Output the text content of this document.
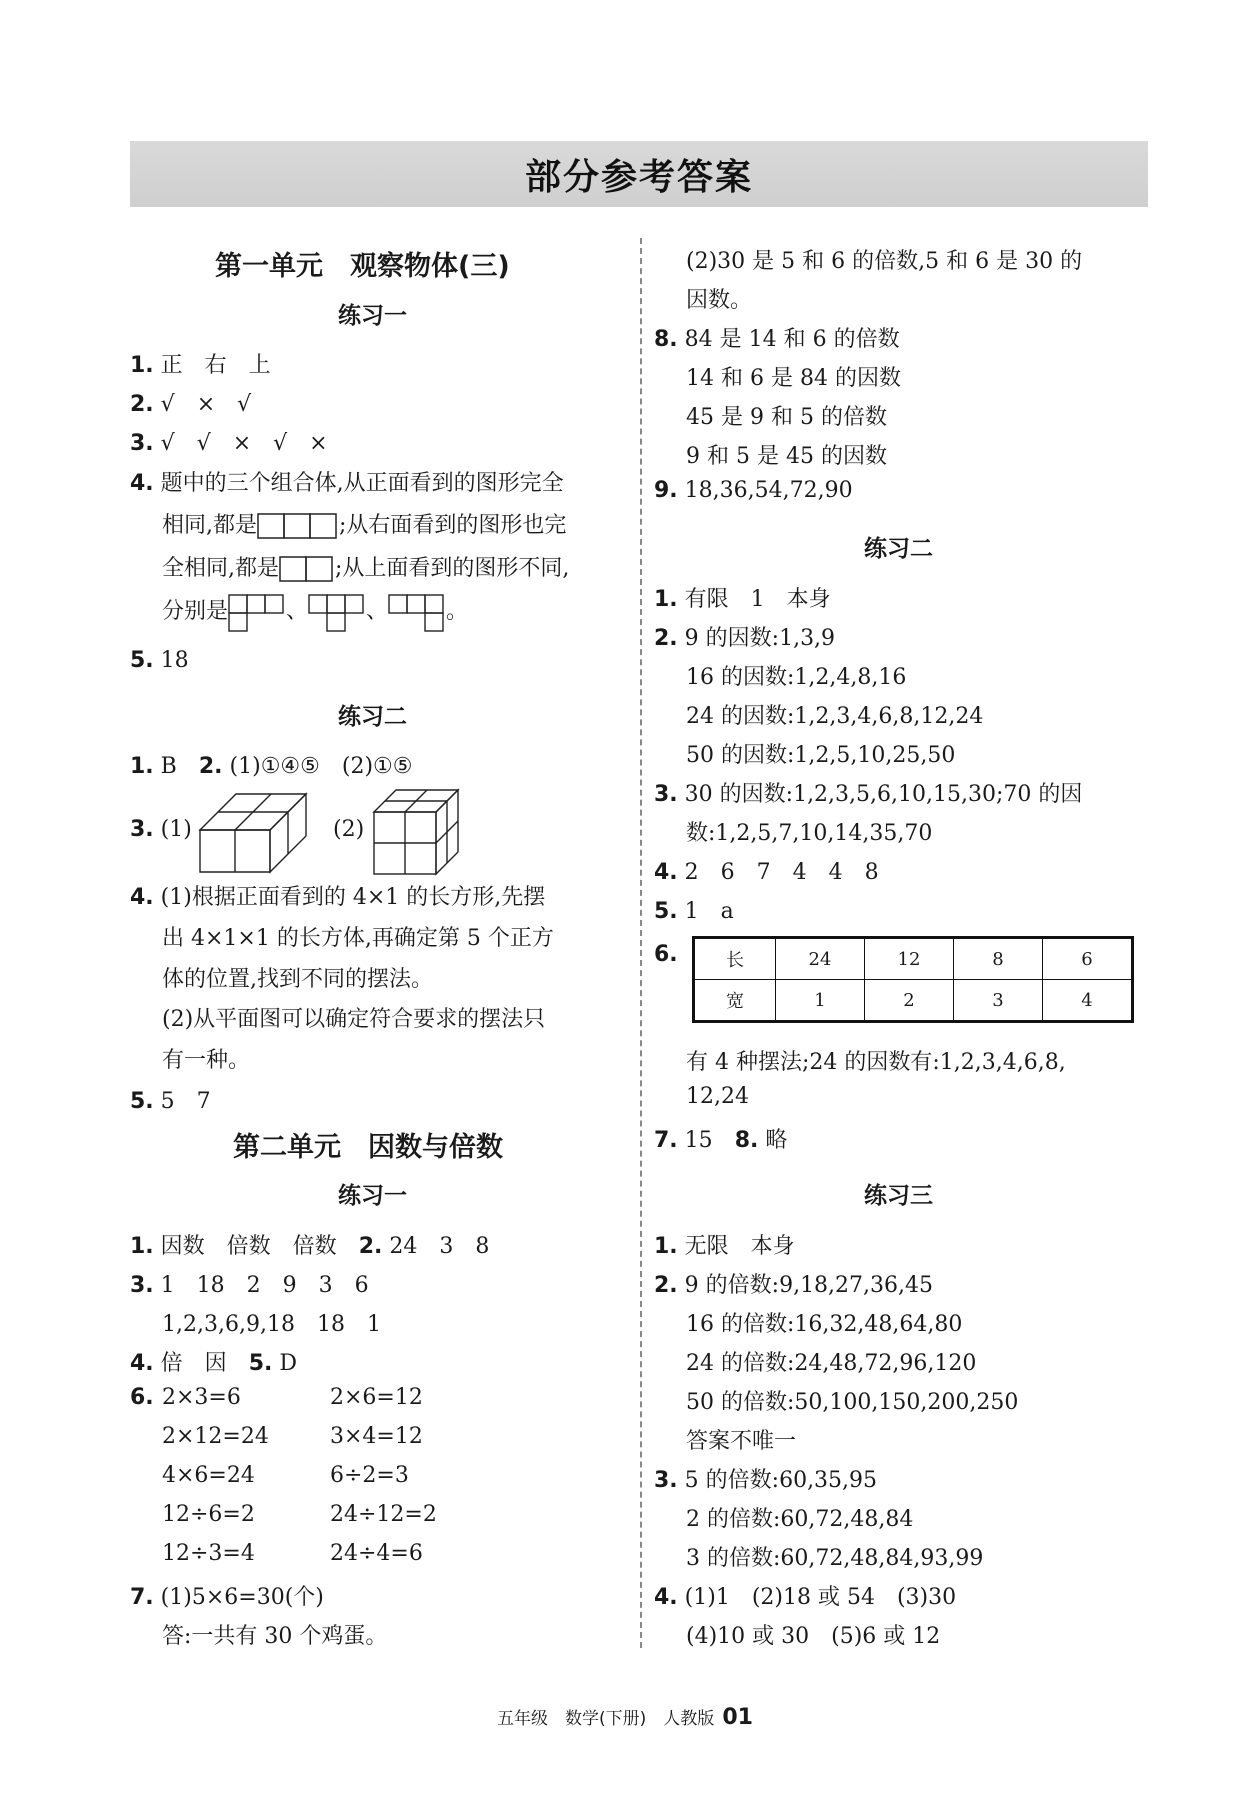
部分参考答案
第一单元　观察物体(三)
练习一
1. 正　右　上
2. √　×　√
3. √　√　×　√　×
4. 题中的三个组合体,从正面看到的图形完全
相同,都是	;从右面看到的图形也完
全相同,都是	;从上面看到的图形不同,
分别是	、	、	。
5. 18
练习二
1. B　 2. (1)①④⑤　(2)①⑤
3. (1)	(2)
4. (1)根据正面看到的 4×1 的长方形,先摆
出 4×1×1 的长方体,再确定第 5 个正方
体的位置,找到不同的摆法。
(2)从平面图可以确定符合要求的摆法只
有一种。
5. 5　7
第二单元　因数与倍数
练习一
1. 因数　倍数　倍数　 2. 24　3　8
3. 1　18　2　9　3　6
1,2,3,6,9,18　18　1
4. 倍　因　 5. D
6. 2×3=6	2×6=12
2×12=24	3×4=12
4×6=24	6÷2=3
12÷6=2	24÷12=2
12÷3=4	24÷4=6
7. (1)5×6=30(个)
答:一共有 30 个鸡蛋。
(2)30 是 5 和 6 的倍数,5 和 6 是 30 的
因数。
8. 84 是 14 和 6 的倍数
14 和 6 是 84 的因数
45 是 9 和 5 的倍数
9 和 5 是 45 的因数
9. 18,36,54,72,90
练习二
1. 有限　1　本身
2. 9 的因数:1,3,9
16 的因数:1,2,4,8,16
24 的因数:1,2,3,4,6,8,12,24
50 的因数:1,2,5,10,25,50
3. 30 的因数:1,2,3,5,6,10,15,30;70 的因
数:1,2,5,7,10,14,35,70
4. 2　6　7　4　4　8
5. 1　a
6.	长	24	12	8	6
宽	1	2	3	4
有 4 种摆法;24 的因数有:1,2,3,4,6,8,
12,24
7. 15　 8. 略
练习三
1. 无限　本身
2. 9 的倍数:9,18,27,36,45
16 的倍数:16,32,48,64,80
24 的倍数:24,48,72,96,120
50 的倍数:50,100,150,200,250
答案不唯一
3. 5 的倍数:60,35,95
2 的倍数:60,72,48,84
3 的倍数:60,72,48,84,93,99
4. (1)1　(2)18 或 54　(3)30
(4)10 或 30　(5)6 或 12
五年级　数学(下册)　人教版 01
